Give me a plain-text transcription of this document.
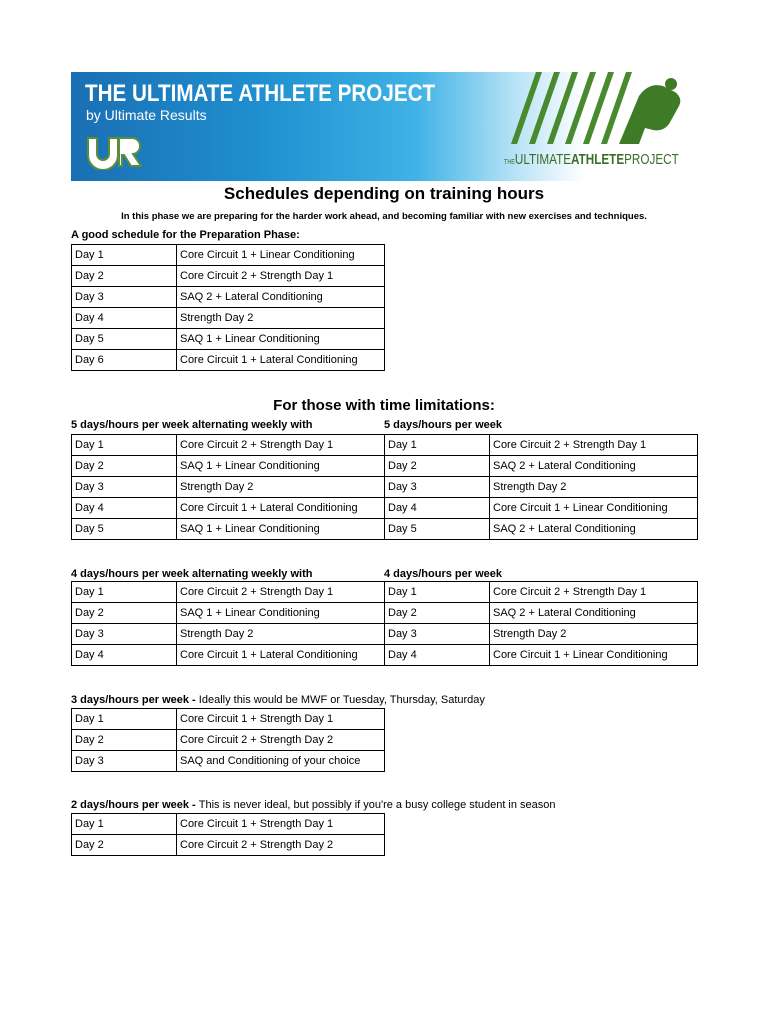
THE ULTIMATE ATHLETE PROJECT
by Ultimate Results
THEULTIMATEATHLETEPROJECT
Schedules depending on training hours
In this phase we are preparing for the harder work ahead, and becoming familiar with new exercises and techniques.
A good schedule for the Preparation Phase:
Day 1	Core Circuit 1 + Linear Conditioning
Day 2	Core Circuit 2 + Strength Day 1
Day 3	SAQ 2 + Lateral Conditioning
Day 4	Strength Day 2
Day 5	SAQ 1 + Linear Conditioning
Day 6	Core Circuit 1 + Lateral Conditioning
For those with time limitations:
5 days/hours per week alternating weekly with
Day 1	Core Circuit 2 + Strength Day 1
Day 2	SAQ 1 + Linear Conditioning
Day 3	Strength Day 2
Day 4	Core Circuit 1 + Lateral Conditioning
Day 5	SAQ 1 + Linear Conditioning
5 days/hours per week
Day 1	Core Circuit 2 + Strength Day 1
Day 2	SAQ 2 + Lateral Conditioning
Day 3	Strength Day 2
Day 4	Core Circuit 1 + Linear Conditioning
Day 5	SAQ 2 + Lateral Conditioning
4 days/hours per week alternating weekly with
Day 1	Core Circuit 2 + Strength Day 1
Day 2	SAQ 1 + Linear Conditioning
Day 3	Strength Day 2
Day 4	Core Circuit 1 + Lateral Conditioning
4 days/hours per week
Day 1	Core Circuit 2 + Strength Day 1
Day 2	SAQ 2 + Lateral Conditioning
Day 3	Strength Day 2
Day 4	Core Circuit 1 + Linear Conditioning
3 days/hours per week - Ideally this would be MWF or Tuesday, Thursday, Saturday
Day 1	Core Circuit 1 + Strength Day 1
Day 2	Core Circuit 2 + Strength Day 2
Day 3	SAQ and Conditioning of your choice
2 days/hours per week - This is never ideal, but possibly if you're a busy college student in season
Day 1	Core Circuit 1 + Strength Day 1
Day 2	Core Circuit 2 + Strength Day 2
